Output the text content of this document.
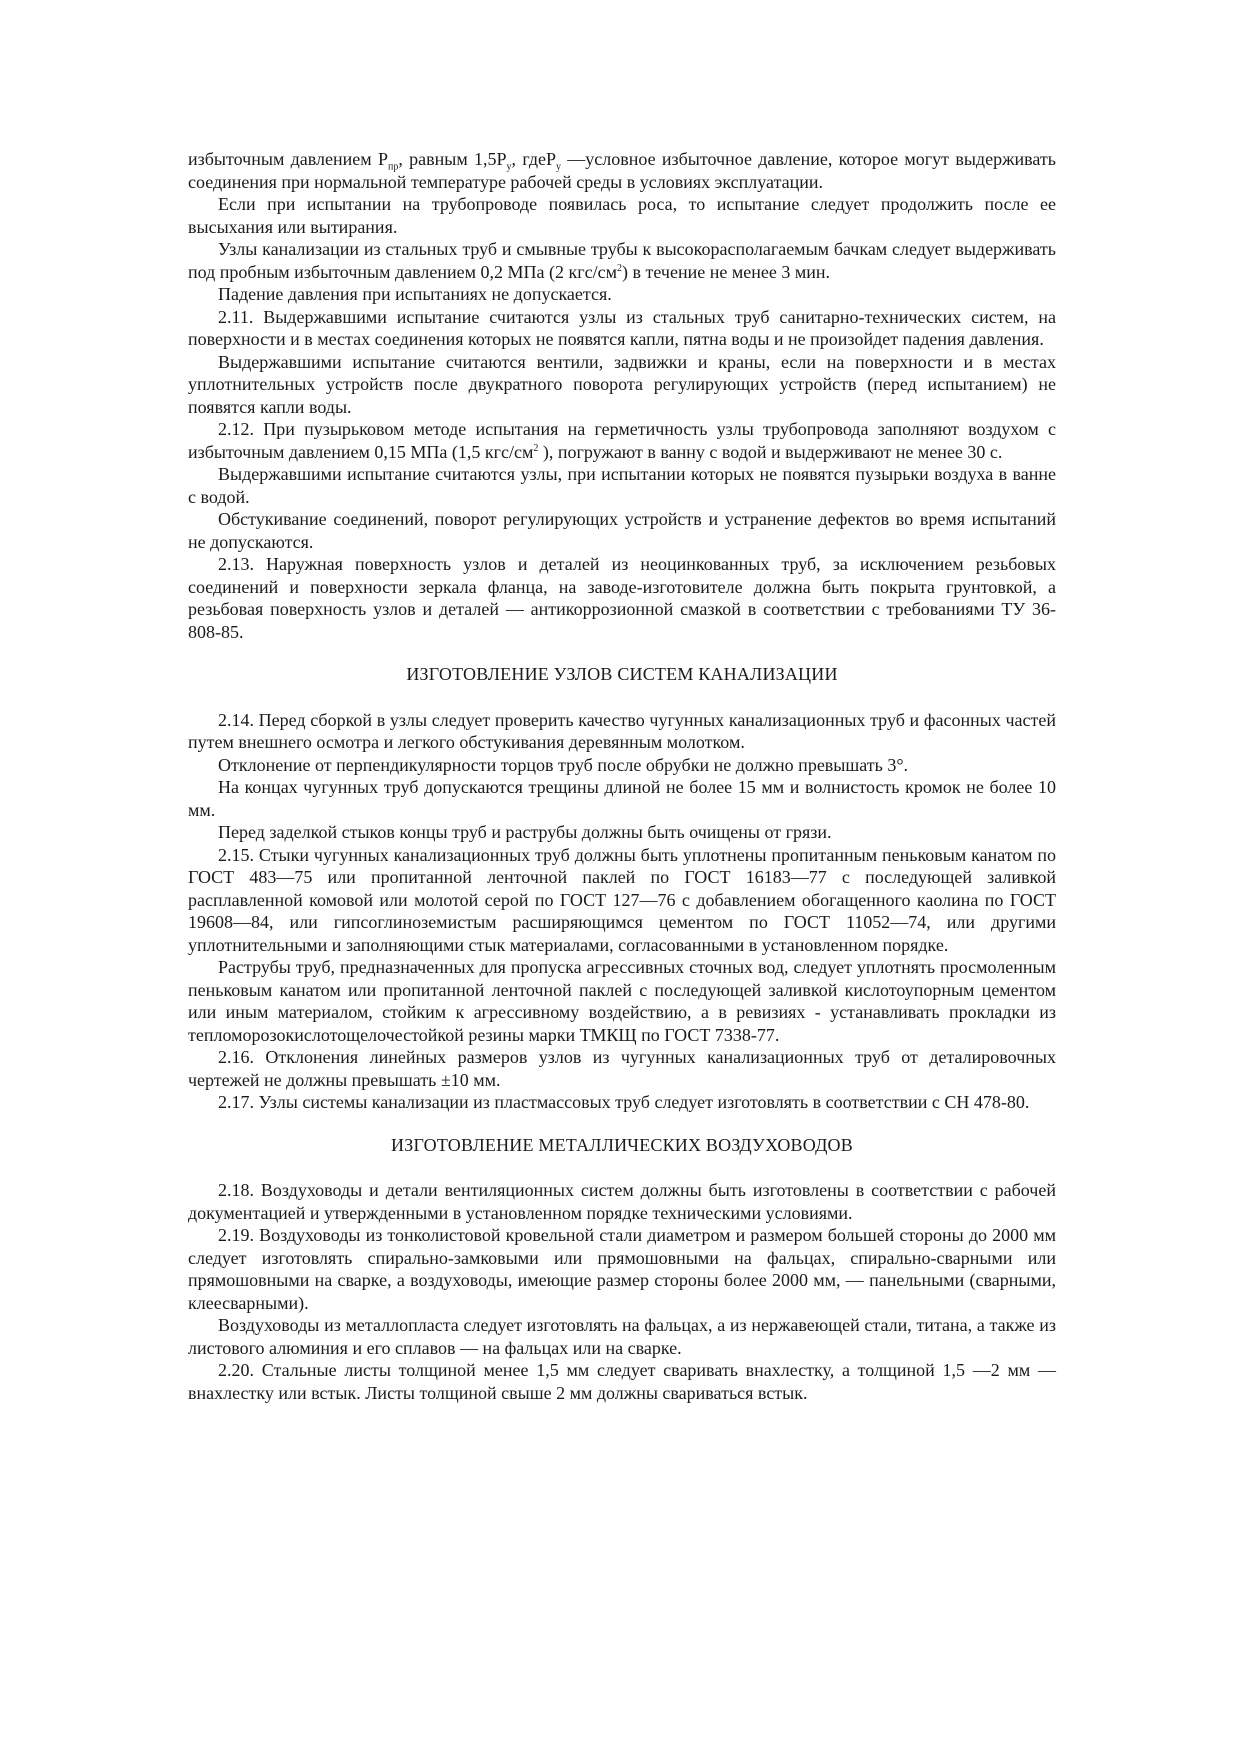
избыточным давлением $Р_{пр}$, равным $1,5Р_у$, гдеР$_у$ —условное избыточное давление, которое могут выдерживать соединения при нормальной температуре рабочей среды в условиях эксплуатации.

Если при испытании на трубопроводе появилась роса, то испытание следует продолжить после ее высыхания или вытирания.

Узлы канализации из стальных труб и смывные трубы к высокорасполагаемым бачкам следует выдерживать под пробным избыточным давлением 0,2 МПа (2 кгс/$см^2$) в течение не менее 3 мин.

Падение давления при испытаниях не допускается.

2.11. Выдержавшими испытание считаются узлы из стальных труб санитарно-технических систем, на поверхности и в местах соединения которых не появятся капли, пятна воды и не произойдет падения давления.

Выдержавшими испытание считаются вентили, задвижки и краны, если на поверхности и в местах уплотнительных устройств после двукратного поворота регулирующих устройств (перед испытанием) не появятся капли воды.

2.12. При пузырьковом методе испытания на герметичность узлы трубопровода заполняют воздухом с избыточным давлением 0,15 МПа (1,5 кгс/$см^2$ ), погружают в ванну с водой и выдерживают не менее 30 с.

Выдержавшими испытание считаются узлы, при испытании которых не появятся пузырьки воздуха в ванне с водой.

Обстукивание соединений, поворот регулирующих устройств и устранение дефектов во время испытаний не допускаются.

2.13. Наружная поверхность узлов и деталей из неоцинкованных труб, за исключением резьбовых соединений и поверхности зеркала фланца, на заводе-изготовителе должна быть покрыта грунтовкой, а резьбовая поверхность узлов и деталей — антикоррозионной смазкой в соответствии с требованиями ТУ 36-808-85.

ИЗГОТОВЛЕНИЕ УЗЛОВ СИСТЕМ КАНАЛИЗАЦИИ

2.14. Перед сборкой в узлы следует проверить качество чугунных канализационных труб и фасонных частей путем внешнего осмотра и легкого обстукивания деревянным молотком.

Отклонение от перпендикулярности торцов труб после обрубки не должно превышать 3°.

На концах чугунных труб допускаются трещины длиной не более 15 мм и волнистость кромок не более 10 мм.

Перед заделкой стыков концы труб и раструбы должны быть очищены от грязи.

2.15. Стыки чугунных канализационных труб должны быть уплотнены пропитанным пеньковым канатом по ГОСТ 483—75 или пропитанной ленточной паклей по ГОСТ 16183—77 с последующей заливкой расплавленной комовой или молотой серой по ГОСТ 127—76 с добавлением обогащенного каолина по ГОСТ 19608—84, или гипсоглиноземистым расширяющимся цементом по ГОСТ 11052—74, или другими уплотнительными и заполняющими стык материалами, согласованными в установленном порядке.

Раструбы труб, предназначенных для пропуска агрессивных сточных вод, следует уплотнять просмоленным пеньковым канатом или пропитанной ленточной паклей с последующей заливкой кислотоупорным цементом или иным материалом, стойким к агрессивному воздействию, а в ревизиях - устанавливать прокладки из тепломорозокислотощелочестойкой резины марки ТМКЩ по ГОСТ 7338-77.

2.16. Отклонения линейных размеров узлов из чугунных канализационных труб от деталировочных чертежей не должны превышать ±10 мм.

2.17. Узлы системы канализации из пластмассовых труб следует изготовлять в соответствии с СН 478-80.

ИЗГОТОВЛЕНИЕ МЕТАЛЛИЧЕСКИХ ВОЗДУХОВОДОВ

2.18. Воздуховоды и детали вентиляционных систем должны быть изготовлены в соответствии с рабочей документацией и утвержденными в установленном порядке техническими условиями.

2.19. Воздуховоды из тонколистовой кровельной стали диаметром и размером большей стороны до 2000 мм следует изготовлять спирально-замковыми или прямошовными на фальцах, спирально-сварными или прямошовными на сварке, а воздуховоды, имеющие размер стороны более 2000 мм, — панельными (сварными, клеесварными).

Воздуховоды из металлопласта следует изготовлять на фальцах, а из нержавеющей стали, титана, а также из листового алюминия и его сплавов — на фальцах или на сварке.

2.20. Стальные листы толщиной менее 1,5 мм следует сваривать внахлестку, а толщиной 1,5 —2 мм — внахлестку или встык. Листы толщиной свыше 2 мм должны свариваться встык.
